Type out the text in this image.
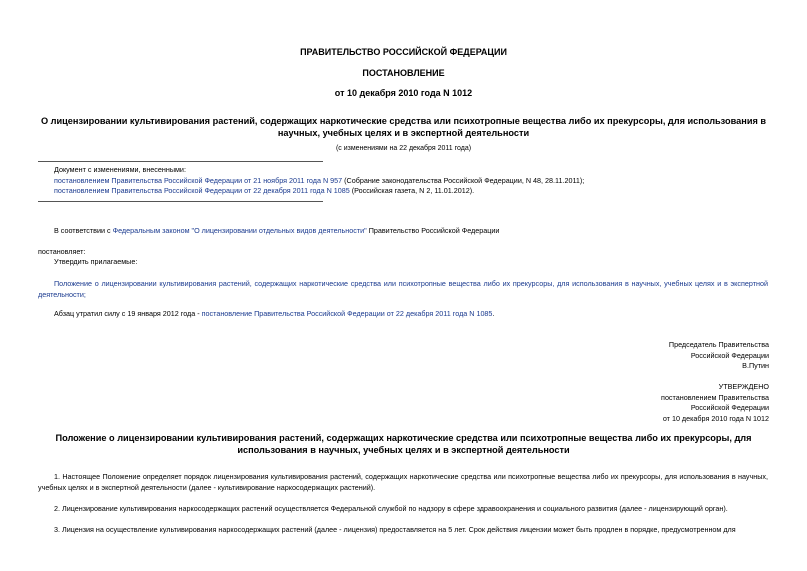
ПРАВИТЕЛЬСТВО РОССИЙСКОЙ ФЕДЕРАЦИИ
ПОСТАНОВЛЕНИЕ
от 10 декабря 2010 года N 1012
О лицензировании культивирования растений, содержащих наркотические средства или психотропные вещества либо их прекурсоры, для использования в научных, учебных целях и в экспертной деятельности
(с изменениями на 22 декабря 2011 года)
Документ с изменениями, внесенными:
постановлением Правительства Российской Федерации от 21 ноября 2011 года N 957 (Собрание законодательства Российской Федерации, N 48, 28.11.2011);
постановлением Правительства Российской Федерации от 22 декабря 2011 года N 1085 (Российская газета, N 2, 11.01.2012).
В соответствии с Федеральным законом "О лицензировании отдельных видов деятельности" Правительство Российской Федерации
постановляет:
Утвердить прилагаемые:
Положение о лицензировании культивирования растений, содержащих наркотические средства или психотропные вещества либо их прекурсоры, для использования в научных, учебных целях и в экспертной деятельности;
Абзац утратил силу с 19 января 2012 года - постановление Правительства Российской Федерации от 22 декабря 2011 года N 1085.
Председатель Правительства
Российской Федерации
В.Путин
УТВЕРЖДЕНО
постановлением Правительства
Российской Федерации
от 10 декабря 2010 года N 1012
Положение о лицензировании культивирования растений, содержащих наркотические средства или психотропные вещества либо их прекурсоры, для использования в научных, учебных целях и в экспертной деятельности
1. Настоящее Положение определяет порядок лицензирования культивирования растений, содержащих наркотические средства или психотропные вещества либо их прекурсоры, для использования в научных, учебных целях и в экспертной деятельности (далее - культивирование наркосодержащих растений).
2. Лицензирование культивирования наркосодержащих растений осуществляется Федеральной службой по надзору в сфере здравоохранения и социального развития (далее - лицензирующий орган).
3. Лицензия на осуществление культивирования наркосодержащих растений (далее - лицензия) предоставляется на 5 лет. Срок действия лицензии может быть продлен в порядке, предусмотренном для
